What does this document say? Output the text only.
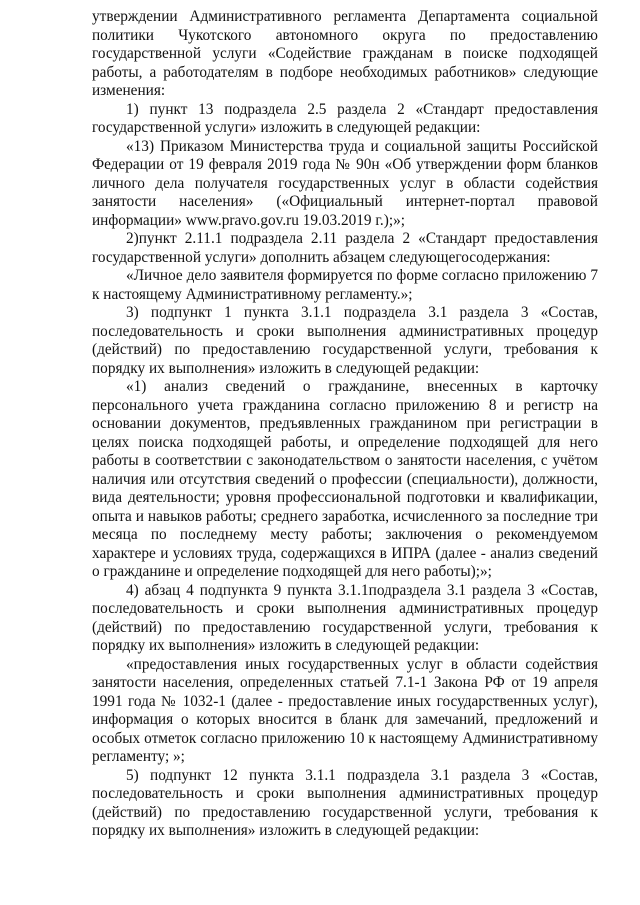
утверждении Административного регламента Департамента социальной политики Чукотского автономного округа по предоставлению государственной услуги «Содействие гражданам в поиске подходящей работы, а работодателям в подборе необходимых работников» следующие изменения:

1) пункт 13 подраздела 2.5 раздела 2 «Стандарт предоставления государственной услуги» изложить в следующей редакции:

«13) Приказом Министерства труда и социальной защиты Российской Федерации от 19 февраля 2019 года № 90н «Об утверждении форм бланков личного дела получателя государственных услуг в области содействия занятости населения» («Официальный интернет-портал правовой информации» www.pravo.gov.ru 19.03.2019 г.);»;

2)пункт 2.11.1 подраздела 2.11 раздела 2 «Стандарт предоставления государственной услуги» дополнить абзацем следующегосодержания:

«Личное дело заявителя формируется по форме согласно приложению 7 к настоящему Административному регламенту.»;

3) подпункт 1 пункта 3.1.1 подраздела 3.1 раздела 3 «Состав, последовательность и сроки выполнения административных процедур (действий) по предоставлению государственной услуги, требования к порядку их выполнения» изложить в следующей редакции:

«1) анализ сведений о гражданине, внесенных в карточку персонального учета гражданина согласно приложению 8 и регистр на основании документов, предъявленных гражданином при регистрации в целях поиска подходящей работы, и определение подходящей для него работы в соответствии с законодательством о занятости населения, с учётом наличия или отсутствия сведений о профессии (специальности), должности, вида деятельности; уровня профессиональной подготовки и квалификации, опыта и навыков работы; среднего заработка, исчисленного за последние три месяца по последнему месту работы; заключения о рекомендуемом характере и условиях труда, содержащихся в ИПРА (далее - анализ сведений о гражданине и определение подходящей для него работы);»;

4) абзац 4 подпункта 9 пункта 3.1.1подраздела 3.1 раздела 3 «Состав, последовательность и сроки выполнения административных процедур (действий) по предоставлению государственной услуги, требования к порядку их выполнения» изложить в следующей редакции:

«предоставления иных государственных услуг в области содействия занятости населения, определенных статьей 7.1-1 Закона РФ от 19 апреля 1991 года № 1032-1 (далее - предоставление иных государственных услуг), информация о которых вносится в бланк для замечаний, предложений и особых отметок согласно приложению 10 к настоящему Административному регламенту; »;

5) подпункт 12 пункта 3.1.1 подраздела 3.1 раздела 3 «Состав, последовательность и сроки выполнения административных процедур (действий) по предоставлению государственной услуги, требования к порядку их выполнения» изложить в следующей редакции:
